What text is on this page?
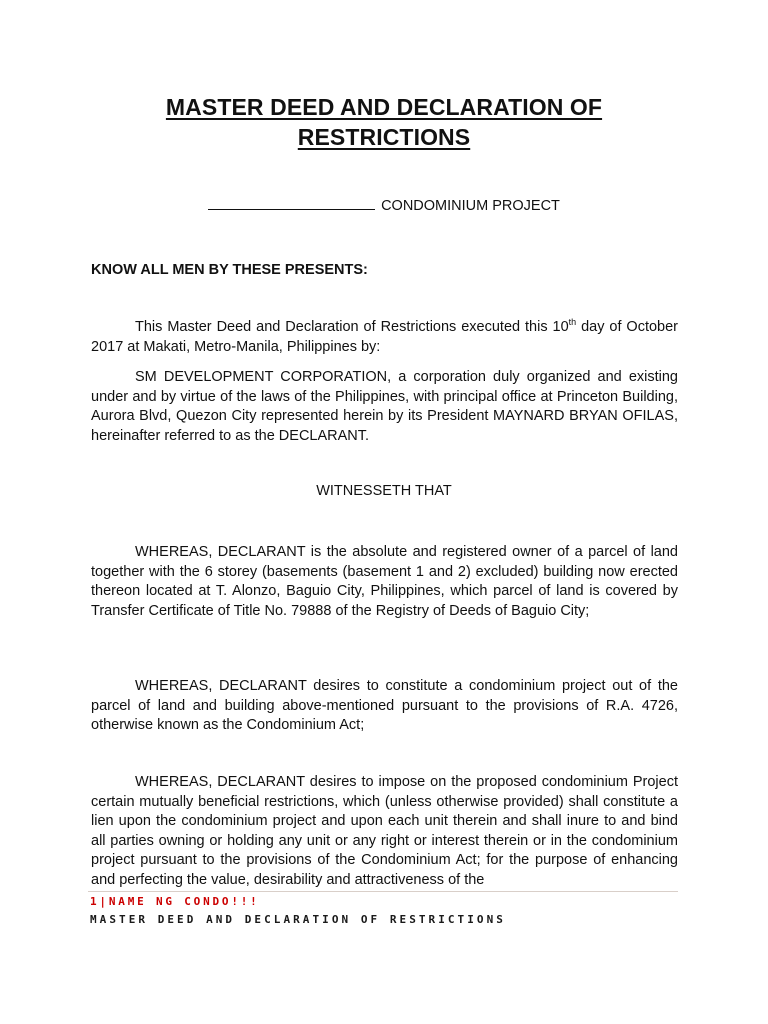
MASTER DEED AND DECLARATION OF
RESTRICTIONS
CONDOMINIUM PROJECT
KNOW ALL MEN BY THESE PRESENTS:

This Master Deed and Declaration of Restrictions executed this 10th day of October 2017 at Makati, Metro-Manila, Philippines by:

SM DEVELOPMENT CORPORATION, a corporation duly organized and existing under and by virtue of the laws of the Philippines, with principal office at Princeton Building, Aurora Blvd, Quezon City represented herein by its President MAYNARD BRYAN OFILAS, hereinafter referred to as the DECLARANT.

WITNESSETH THAT

WHEREAS, DECLARANT is the absolute and registered owner of a parcel of land together with the 6 storey (basements (basement 1 and 2) excluded) building now erected thereon located at T. Alonzo, Baguio City, Philippines, which parcel of land is covered by Transfer Certificate of Title No. 79888 of the Registry of Deeds of Baguio City;

WHEREAS, DECLARANT desires to constitute a condominium project out of the parcel of land and building above-mentioned pursuant to the provisions of R.A. 4726, otherwise known as the Condominium Act;

WHEREAS, DECLARANT desires to impose on the proposed condominium Project certain mutually beneficial restrictions, which (unless otherwise provided) shall constitute a lien upon the condominium project and upon each unit therein and shall inure to and bind all parties owning or holding any unit or any right or interest therein or in the condominium project pursuant to the provisions of the Condominium Act; for the purpose of enhancing and perfecting the value, desirability and attractiveness of the

1|NAME NG CONDO!!!
MASTER DEED AND DECLARATION OF RESTRICTIONS
